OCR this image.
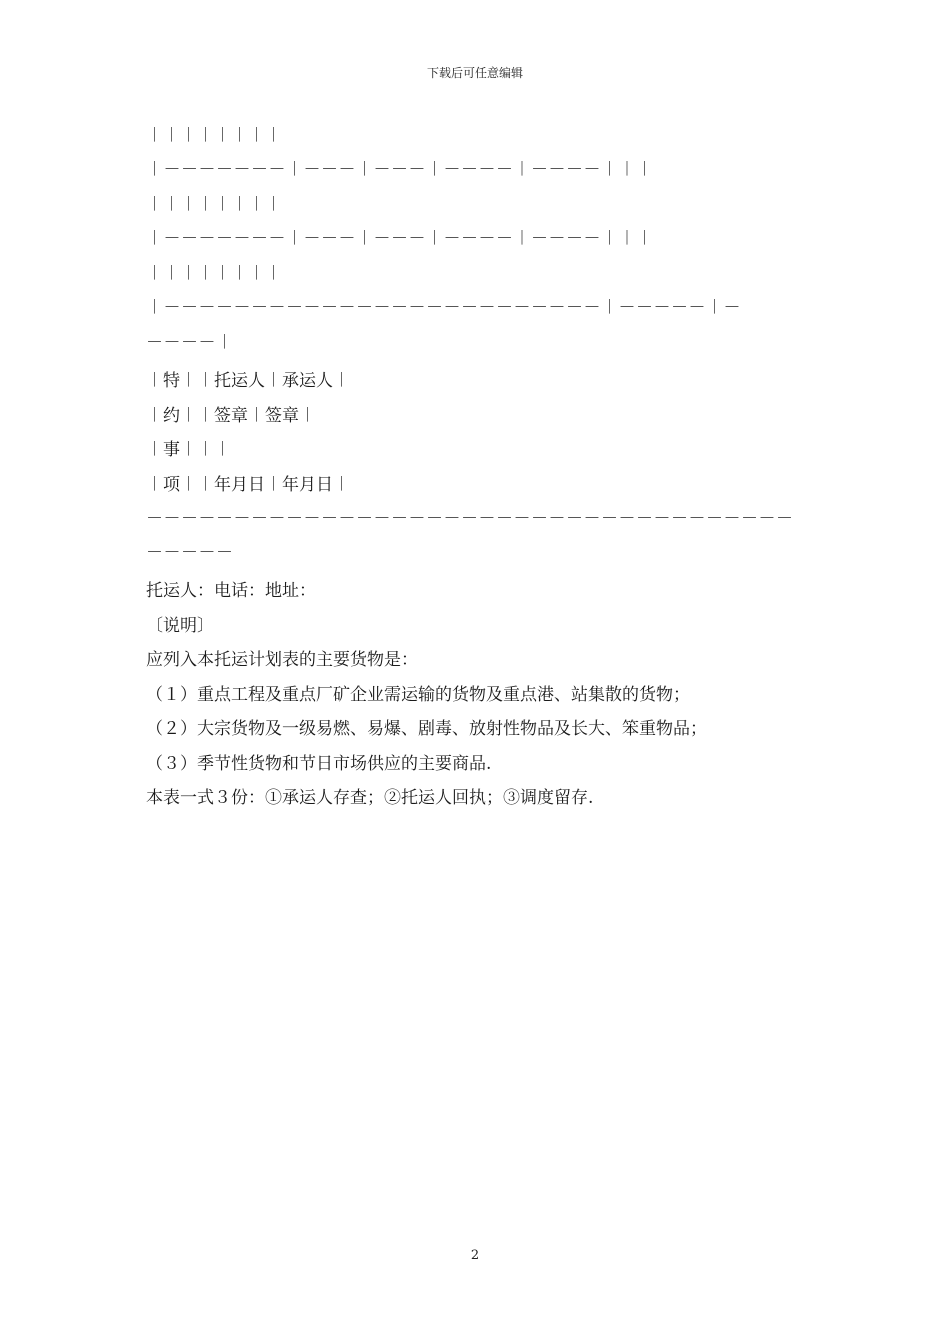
下载后可任意编辑
︱︱︱︱︱︱︱︱
︱－－－－－－－︱－－－︱－－－︱－－－－︱－－－－︱︱︱
︱︱︱︱︱︱︱︱
︱－－－－－－－︱－－－︱－－－︱－－－－︱－－－－︱︱︱
︱︱︱︱︱︱︱︱
︱－－－－－－－－－－－－－－－－－－－－－－－－－︱－－－－－︱－
－－－－︱
︱特︱︱托运人︱承运人︱
︱约︱︱签章︱签章︱
︱事︱︱︱
︱项︱︱年月日︱年月日︱
－－－－－－－－－－－－－－－－－－－－－－－－－－－－－－－－－－－－－
－－－－－
托运人：电话：地址：
〔说明〕
应列入本托运计划表的主要货物是：
（１）重点工程及重点厂矿企业需运输的货物及重点港、站集散的货物；
（２）大宗货物及一级易燃、易爆、剧毒、放射性物品及长大、笨重物品；
（３）季节性货物和节日市场供应的主要商品.
本表一式３份：①承运人存查；②托运人回执；③调度留存.
2
